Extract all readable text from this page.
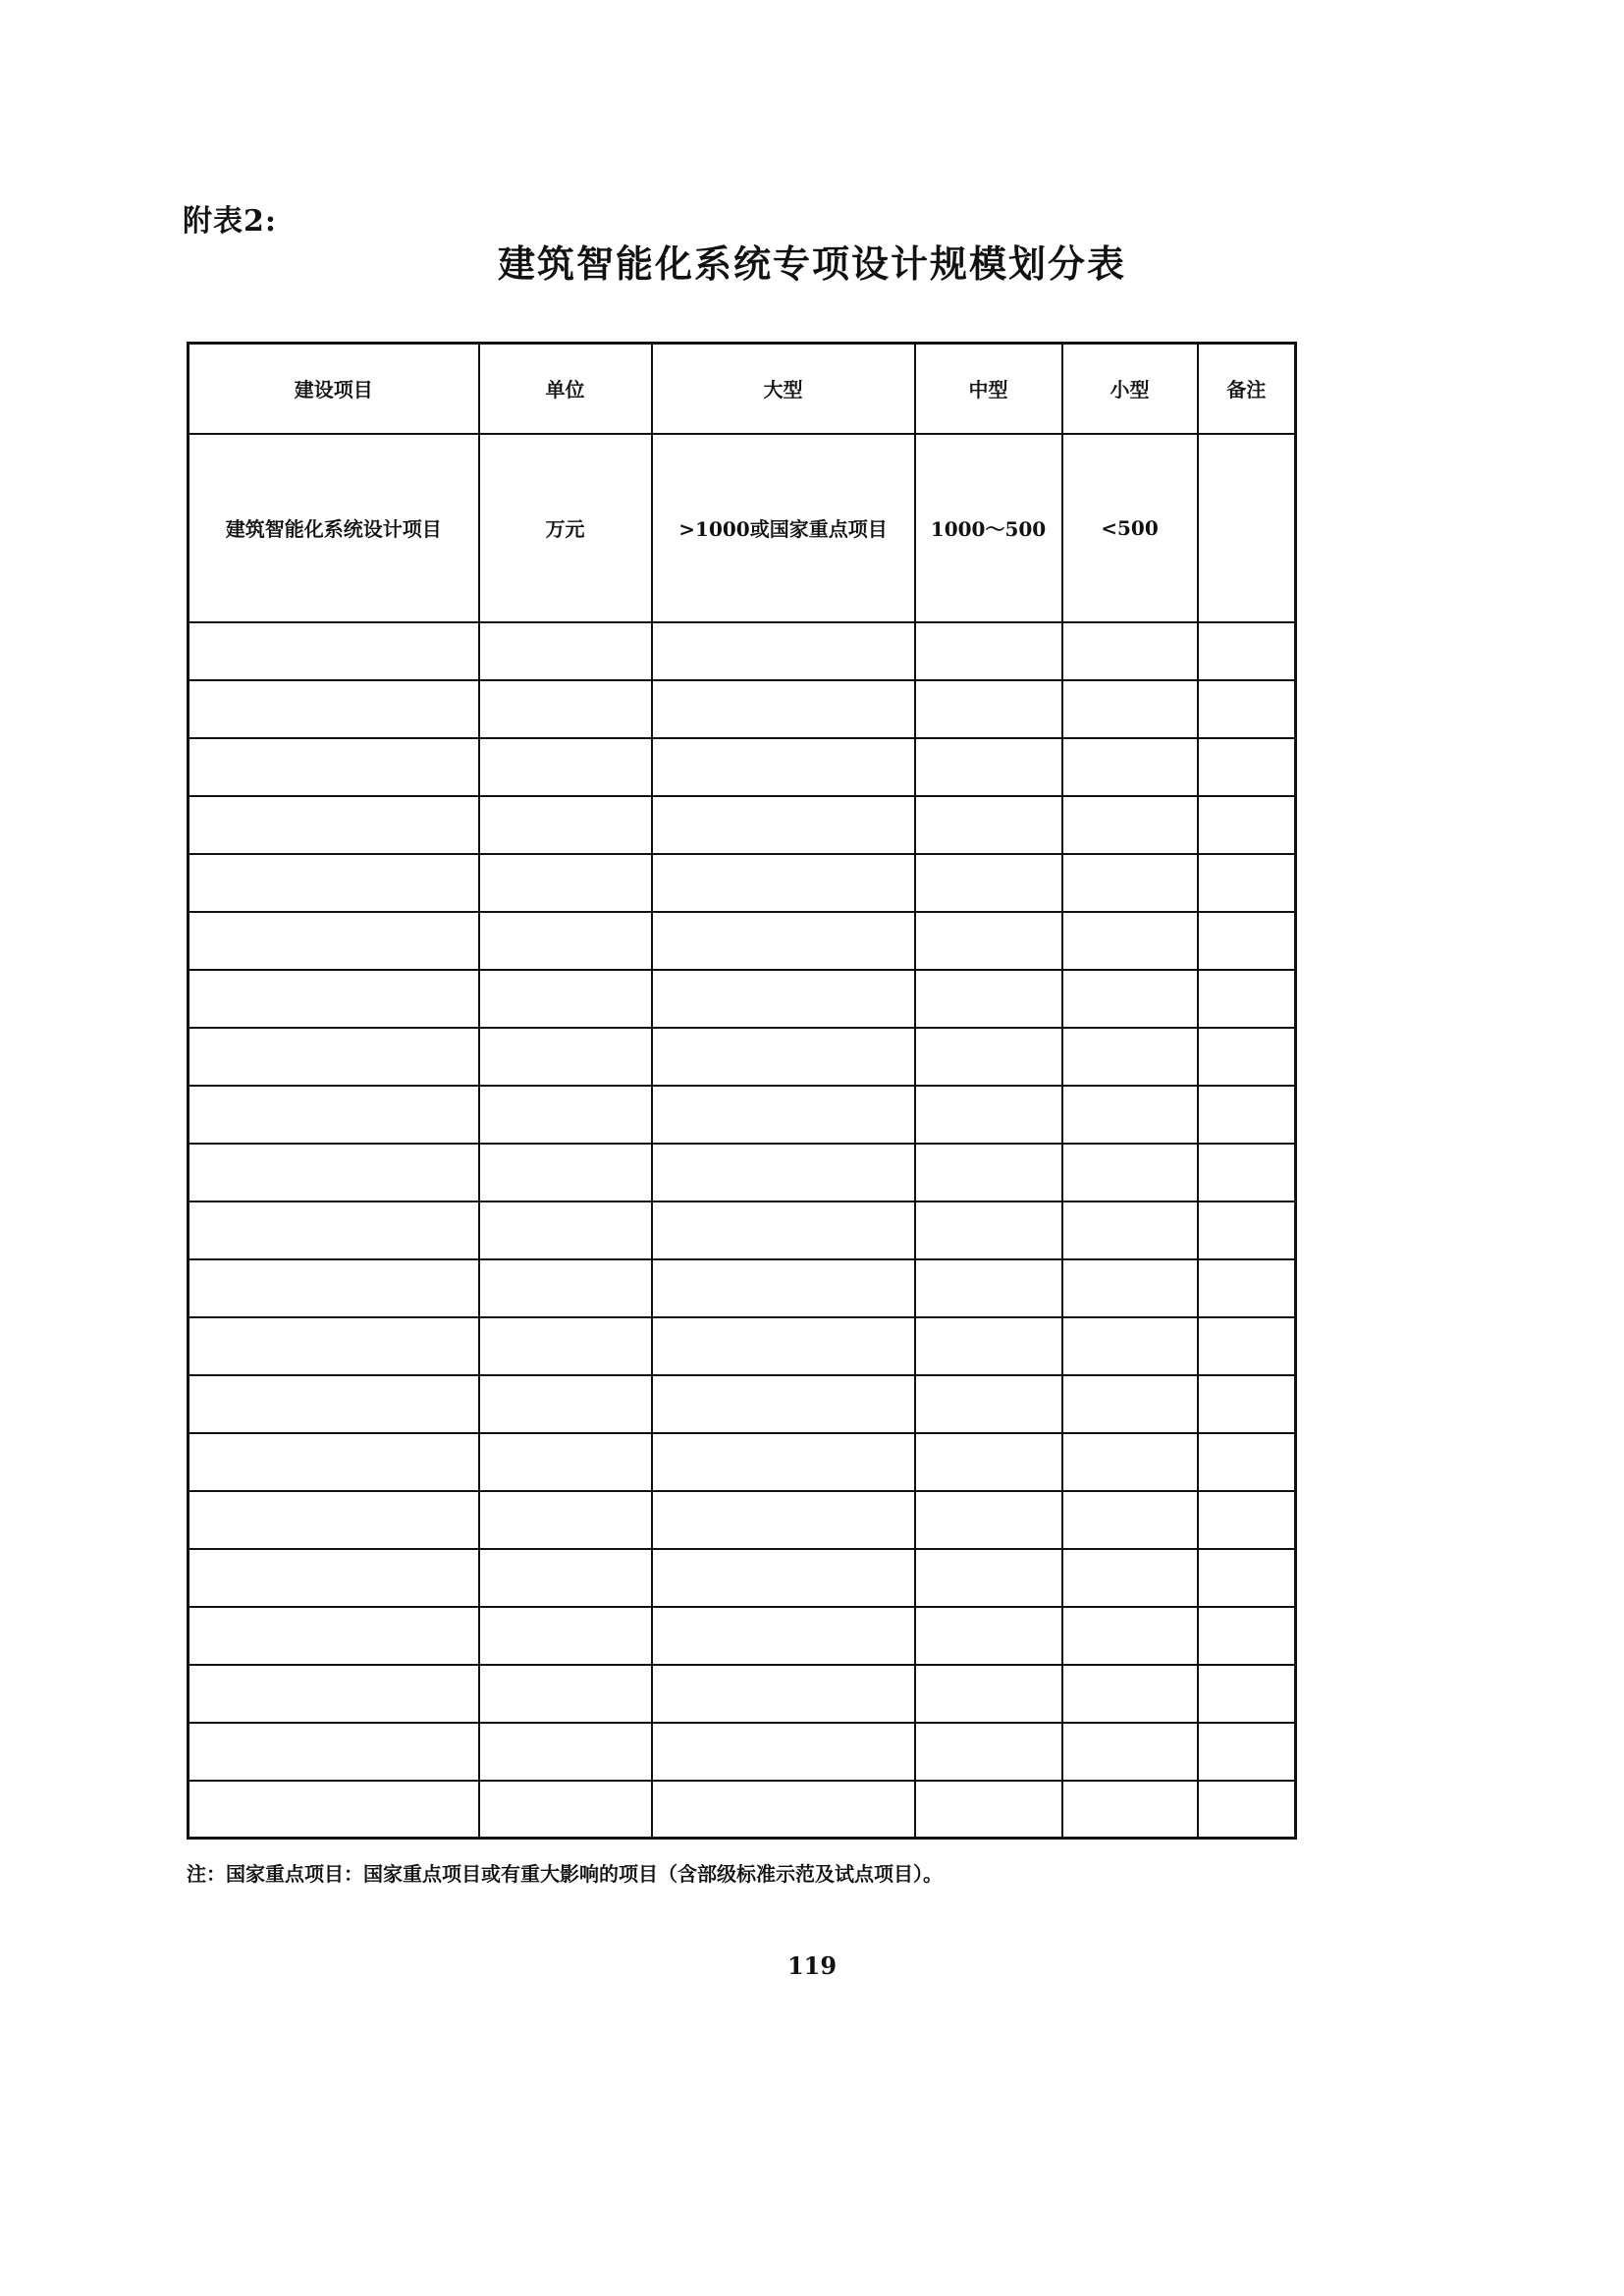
附表2:
建筑智能化系统专项设计规模划分表
建设项目	单位	大型	中型	小型	备注
建筑智能化系统设计项目	万元	>1000或国家重点项目	1000～500	<500	

注：国家重点项目：国家重点项目或有重大影响的项目（含部级标准示范及试点项目）。
119
